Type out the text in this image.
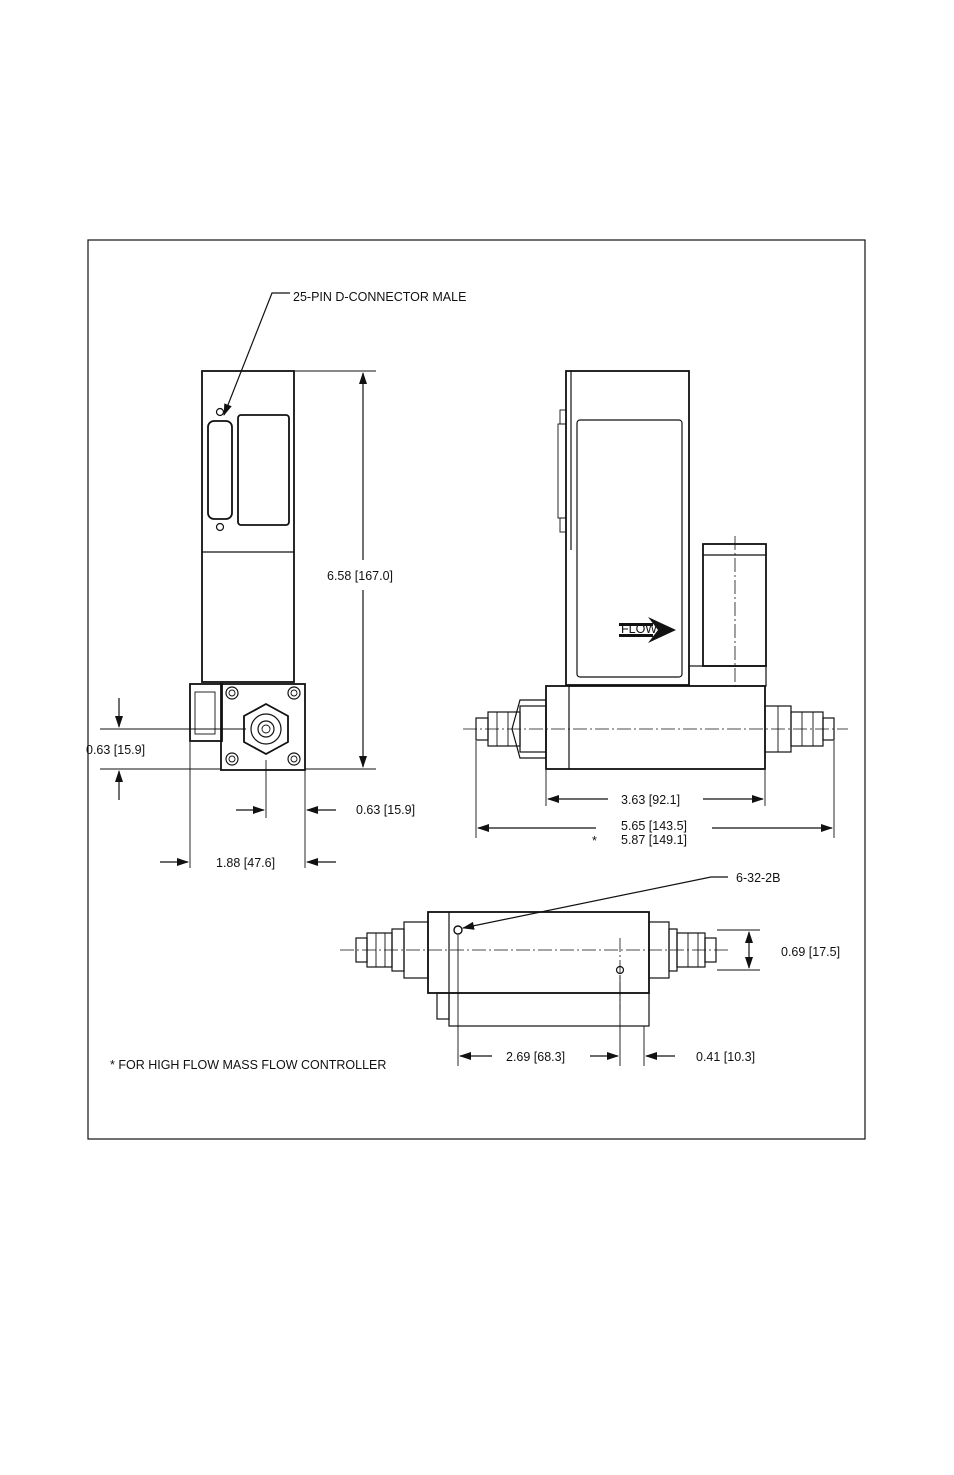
FLOW
25-PIN D-CONNECTOR MALE
6.58 [167.0]
0.63 [15.9]
0.63 [15.9]
1.88 [47.6]
3.63 [92.1]
5.65 [143.5]
* 5.87 [149.1]
6-32-2B
0.69 [17.5]
2.69 [68.3]	0.41 [10.3]
* FOR HIGH FLOW MASS FLOW CONTROLLER
